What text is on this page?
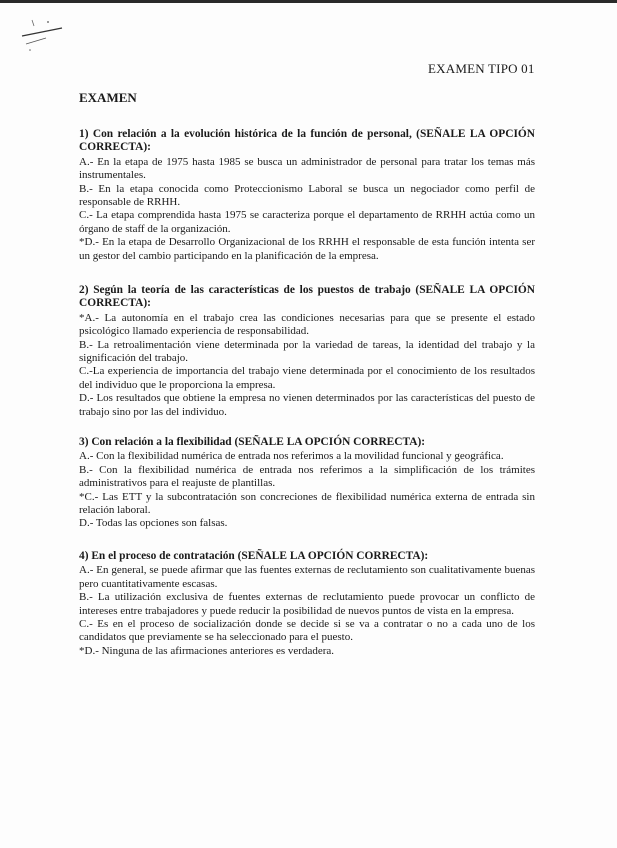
EXAMEN TIPO 01
EXAMEN

1) Con relación a la evolución histórica de la función de personal, (SEÑALE LA OPCIÓN CORRECTA):

A.- En la etapa de 1975 hasta 1985 se busca un administrador de personal para tratar los temas más instrumentales.

B.- En la etapa conocida como Proteccionismo Laboral se busca un negociador como perfil de responsable de RRHH.

C.- La etapa comprendida hasta 1975 se caracteriza porque el departamento de RRHH actúa como un órgano de staff de la organización.

*D.- En la etapa de Desarrollo Organizacional de los RRHH el responsable de esta función intenta ser un gestor del cambio participando en la planificación de la empresa.

2) Según la teoría de las características de los puestos de trabajo (SEÑALE LA OPCIÓN CORRECTA):

*A.- La autonomía en el trabajo crea las condiciones necesarias para que se presente el estado psicológico llamado experiencia de responsabilidad.

B.- La retroalimentación viene determinada por la variedad de tareas, la identidad del trabajo y la significación del trabajo.

C.-La experiencia de importancia del trabajo viene determinada por el conocimiento de los resultados del individuo que le proporciona la empresa.

D.- Los resultados que obtiene la empresa no vienen determinados por las características del puesto de trabajo sino por las del individuo.

3) Con relación a la flexibilidad (SEÑALE LA OPCIÓN CORRECTA):

A.- Con la flexibilidad numérica de entrada nos referimos a la movilidad funcional y geográfica.

B.- Con la flexibilidad numérica de entrada nos referimos a la simplificación de los trámites administrativos para el reajuste de plantillas.

*C.- Las ETT y la subcontratación son concreciones de flexibilidad numérica externa de entrada sin relación laboral.

D.- Todas las opciones son falsas.

4) En el proceso de contratación (SEÑALE LA OPCIÓN CORRECTA):

A.- En general, se puede afirmar que las fuentes externas de reclutamiento son cualitativamente buenas pero cuantitativamente escasas.

B.- La utilización exclusiva de fuentes externas de reclutamiento puede provocar un conflicto de intereses entre trabajadores y puede reducir la posibilidad de nuevos puntos de vista en la empresa.

C.- Es en el proceso de socialización donde se decide si se va a contratar o no a cada uno de los candidatos que previamente se ha seleccionado para el puesto.

*D.- Ninguna de las afirmaciones anteriores es verdadera.
